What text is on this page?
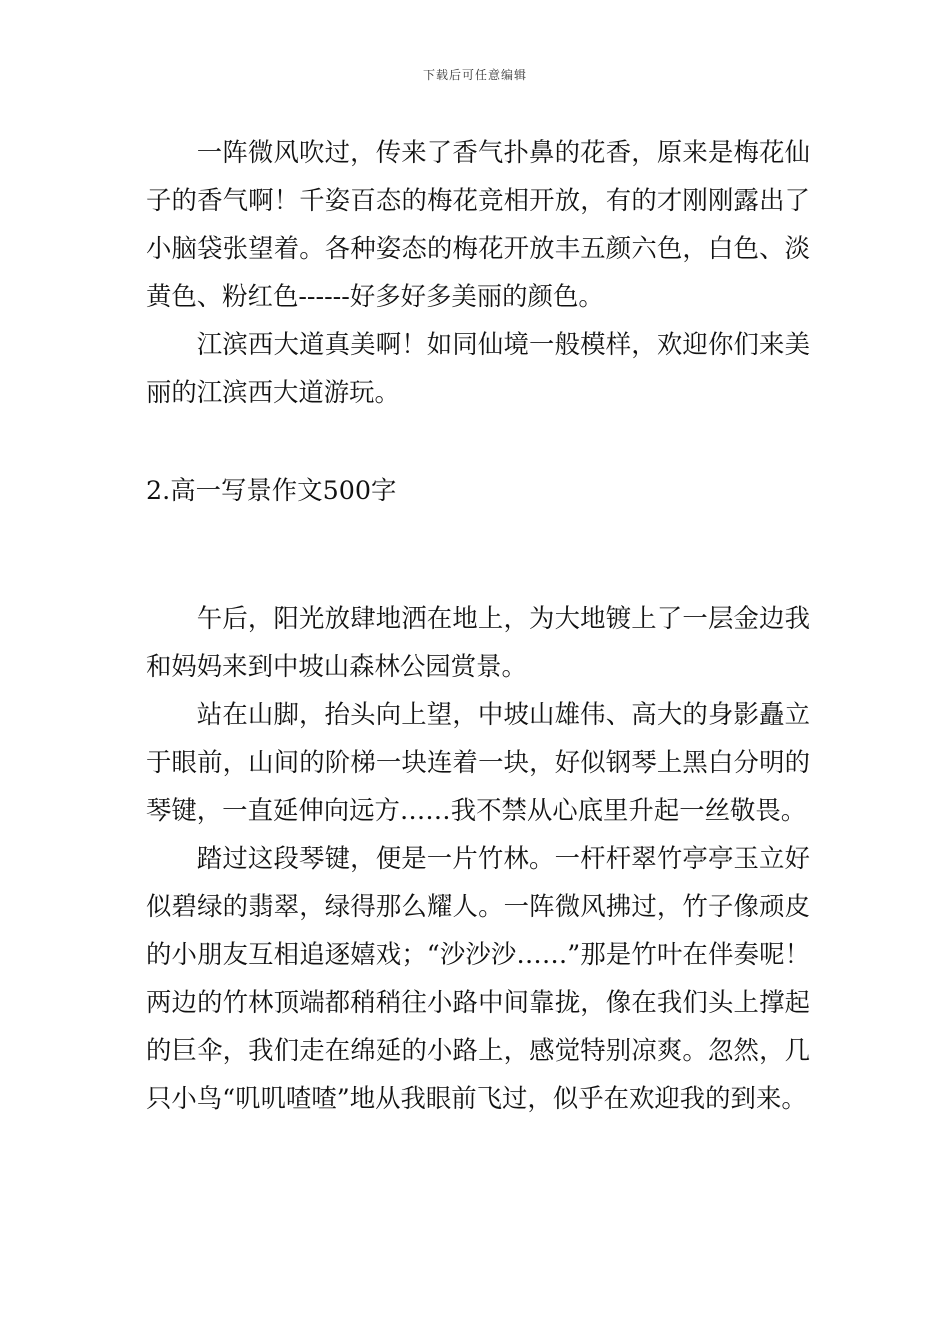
下载后可任意编辑

一阵微风吹过，传来了香气扑鼻的花香，原来是梅花仙子的香气啊！千姿百态的梅花竞相开放，有的才刚刚露出了小脑袋张望着。各种姿态的梅花开放丰五颜六色，白色、淡黄色、粉红色------好多好多美丽的颜色。

江滨西大道真美啊！如同仙境一般模样，欢迎你们来美丽的江滨西大道游玩。

2.高一写景作文500字

午后，阳光放肆地洒在地上，为大地镀上了一层金边我和妈妈来到中坡山森林公园赏景。

站在山脚，抬头向上望，中坡山雄伟、高大的身影矗立于眼前，山间的阶梯一块连着一块，好似钢琴上黑白分明的琴键，一直延伸向远方……我不禁从心底里升起一丝敬畏。

踏过这段琴键，便是一片竹林。一杆杆翠竹亭亭玉立好似碧绿的翡翠，绿得那么耀人。一阵微风拂过，竹子像顽皮的小朋友互相追逐嬉戏；“沙沙沙……”那是竹叶在伴奏呢！两边的竹林顶端都稍稍往小路中间靠拢，像在我们头上撑起的巨伞，我们走在绵延的小路上，感觉特别凉爽。忽然，几只小鸟“叽叽喳喳”地从我眼前飞过，似乎在欢迎我的到来。
